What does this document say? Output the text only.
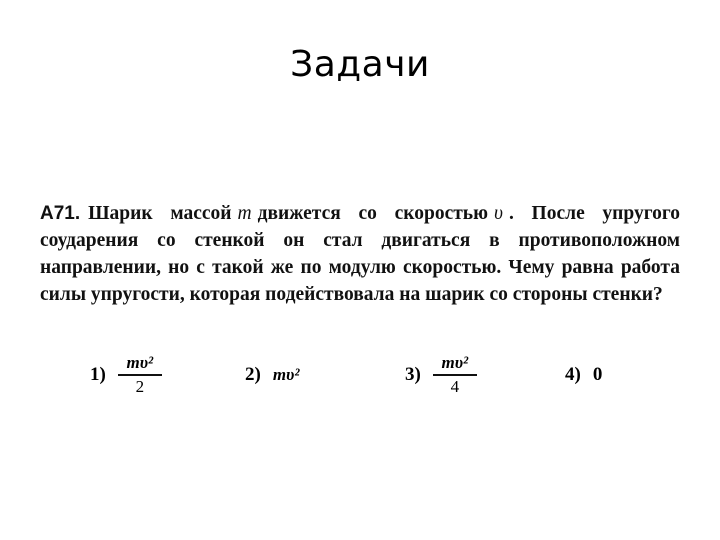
Задачи

A71. Шарик массой m движется со скоростью υ . После упругого соударения со стенкой он стал двигаться в противоположном направлении, но с такой же по модулю скоростью. Чему равна работа силы упругости, которая подействовала на шарик со стороны стенки?

$1) \frac{\text{mυ²}}{2}$	2) mυ²	$3) \frac{\text{mυ²}}{4}$	4) 0
